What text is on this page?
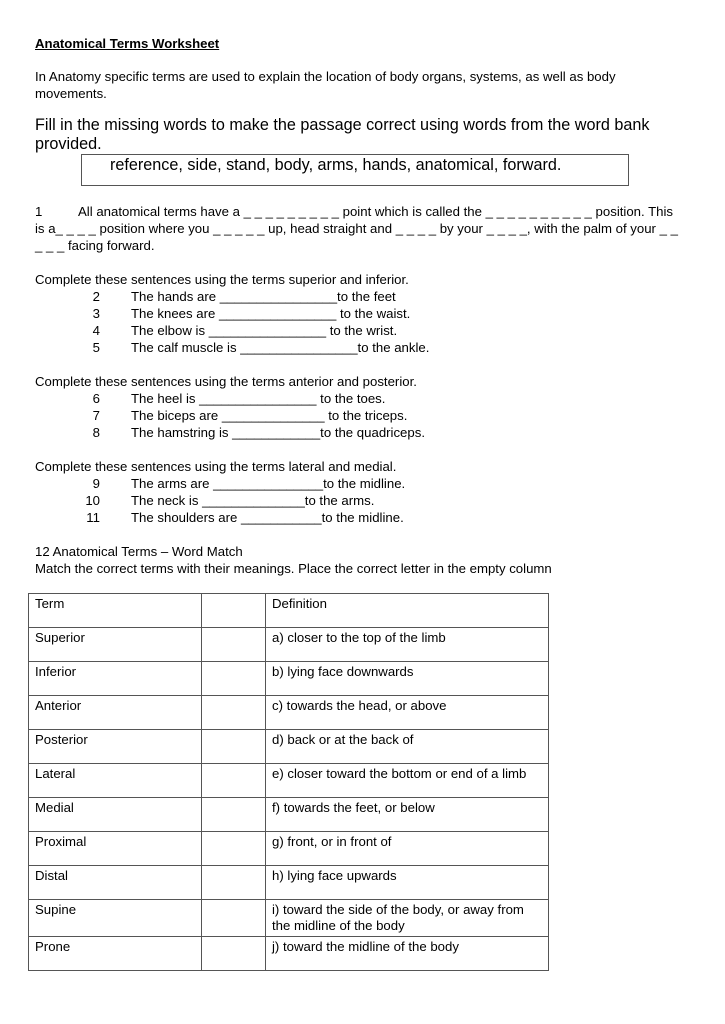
Anatomical Terms Worksheet

In Anatomy specific terms are used to explain the location of body organs, systems, as well as body movements.

Fill in the missing words to make the passage correct using words from the word bank provided.

reference, side, stand, body, arms, hands, anatomical, forward.

1	All anatomical terms have a _ _ _ _ _ _ _ _ _ point which is called the _ _ _ _ _ _ _ _ _ _ position. This is a_ _ _ _ position where you _ _ _ _ _ up, head straight and _ _ _ _ by your _ _ _ _, with the palm of your _ _ _ _ _ facing forward.

Complete these sentences using the terms superior and inferior.

2	The hands are ________________to the feet
3	The knees are ________________ to the waist.
4	The elbow is ________________ to the wrist.
5	The calf muscle is ________________to the ankle.

Complete these sentences using the terms anterior and posterior.

6	The heel is ________________ to the toes.
7	The biceps are ______________ to the triceps.
8	The hamstring is ____________to the quadriceps.

Complete these sentences using the terms lateral and medial.

9	The arms are _______________to the midline.
10	The neck is ______________to the arms.
11	The shoulders are ___________to the midline.

12 Anatomical Terms – Word Match

Match the correct terms with their meanings. Place the correct letter in the empty column

Term		Definition
Superior		a) closer to the top of the limb
Inferior		b) lying face downwards
Anterior		c) towards the head, or above
Posterior		d) back or at the back of
Lateral		e) closer toward the bottom or end of a limb
Medial		f) towards the feet, or below
Proximal		g) front, or in front of
Distal		h) lying face upwards
Supine		i) toward the side of the body, or away from the midline of the body
Prone		j) toward the midline of the body
